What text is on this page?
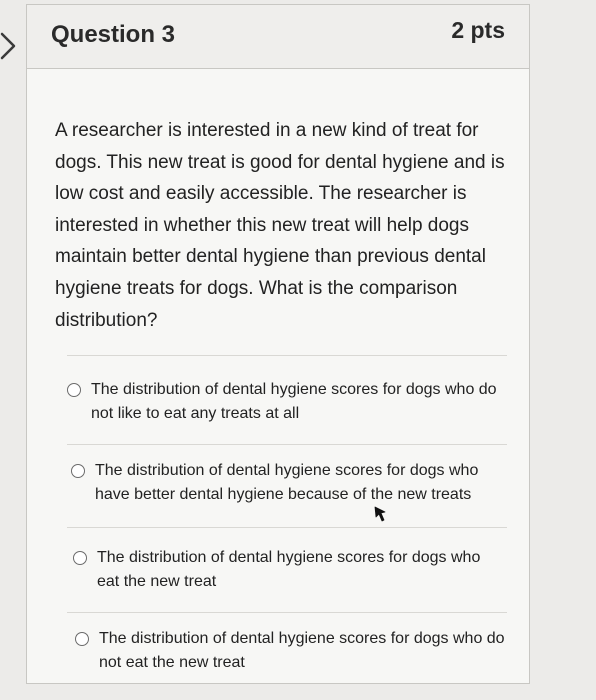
Question 3	2 pts
A researcher is interested in a new kind of treat for dogs. This new treat is good for dental hygiene and is low cost and easily accessible. The researcher is interested in whether this new treat will help dogs maintain better dental hygiene than previous dental hygiene treats for dogs. What is the comparison distribution?
The distribution of dental hygiene scores for dogs who do not like to eat any treats at all
The distribution of dental hygiene scores for dogs who have better dental hygiene because of the new treats
The distribution of dental hygiene scores for dogs who eat the new treat
The distribution of dental hygiene scores for dogs who do not eat the new treat
